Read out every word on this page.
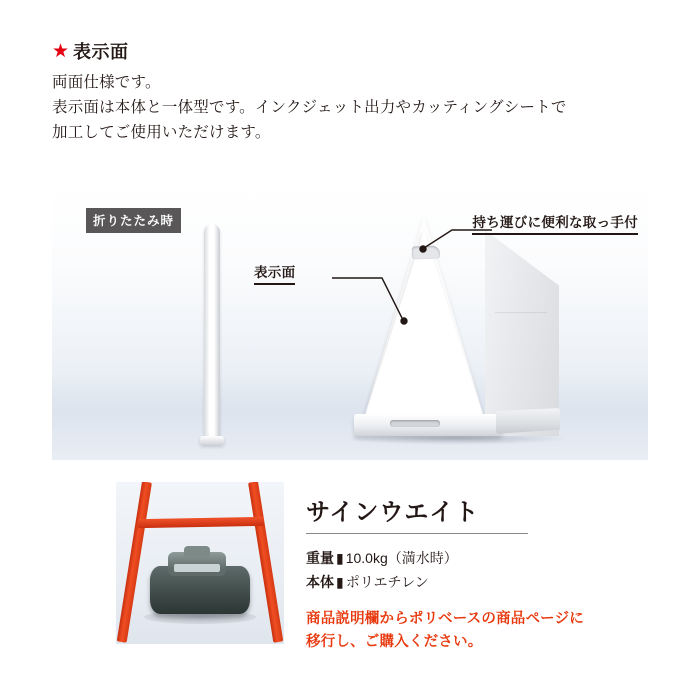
★ 表示面
両面仕様です。
表示面は本体と一体型です。インクジェット出力やカッティングシートで
加工してご使用いただけます。
折りたたみ時	持ち運びに便利な取っ手付
表示面
サインウエイト
重量 ▮ 10.0kg（満水時）
本体 ▮ ポリエチレン
商品説明欄からポリベースの商品ページに
移行し、ご購入ください。
